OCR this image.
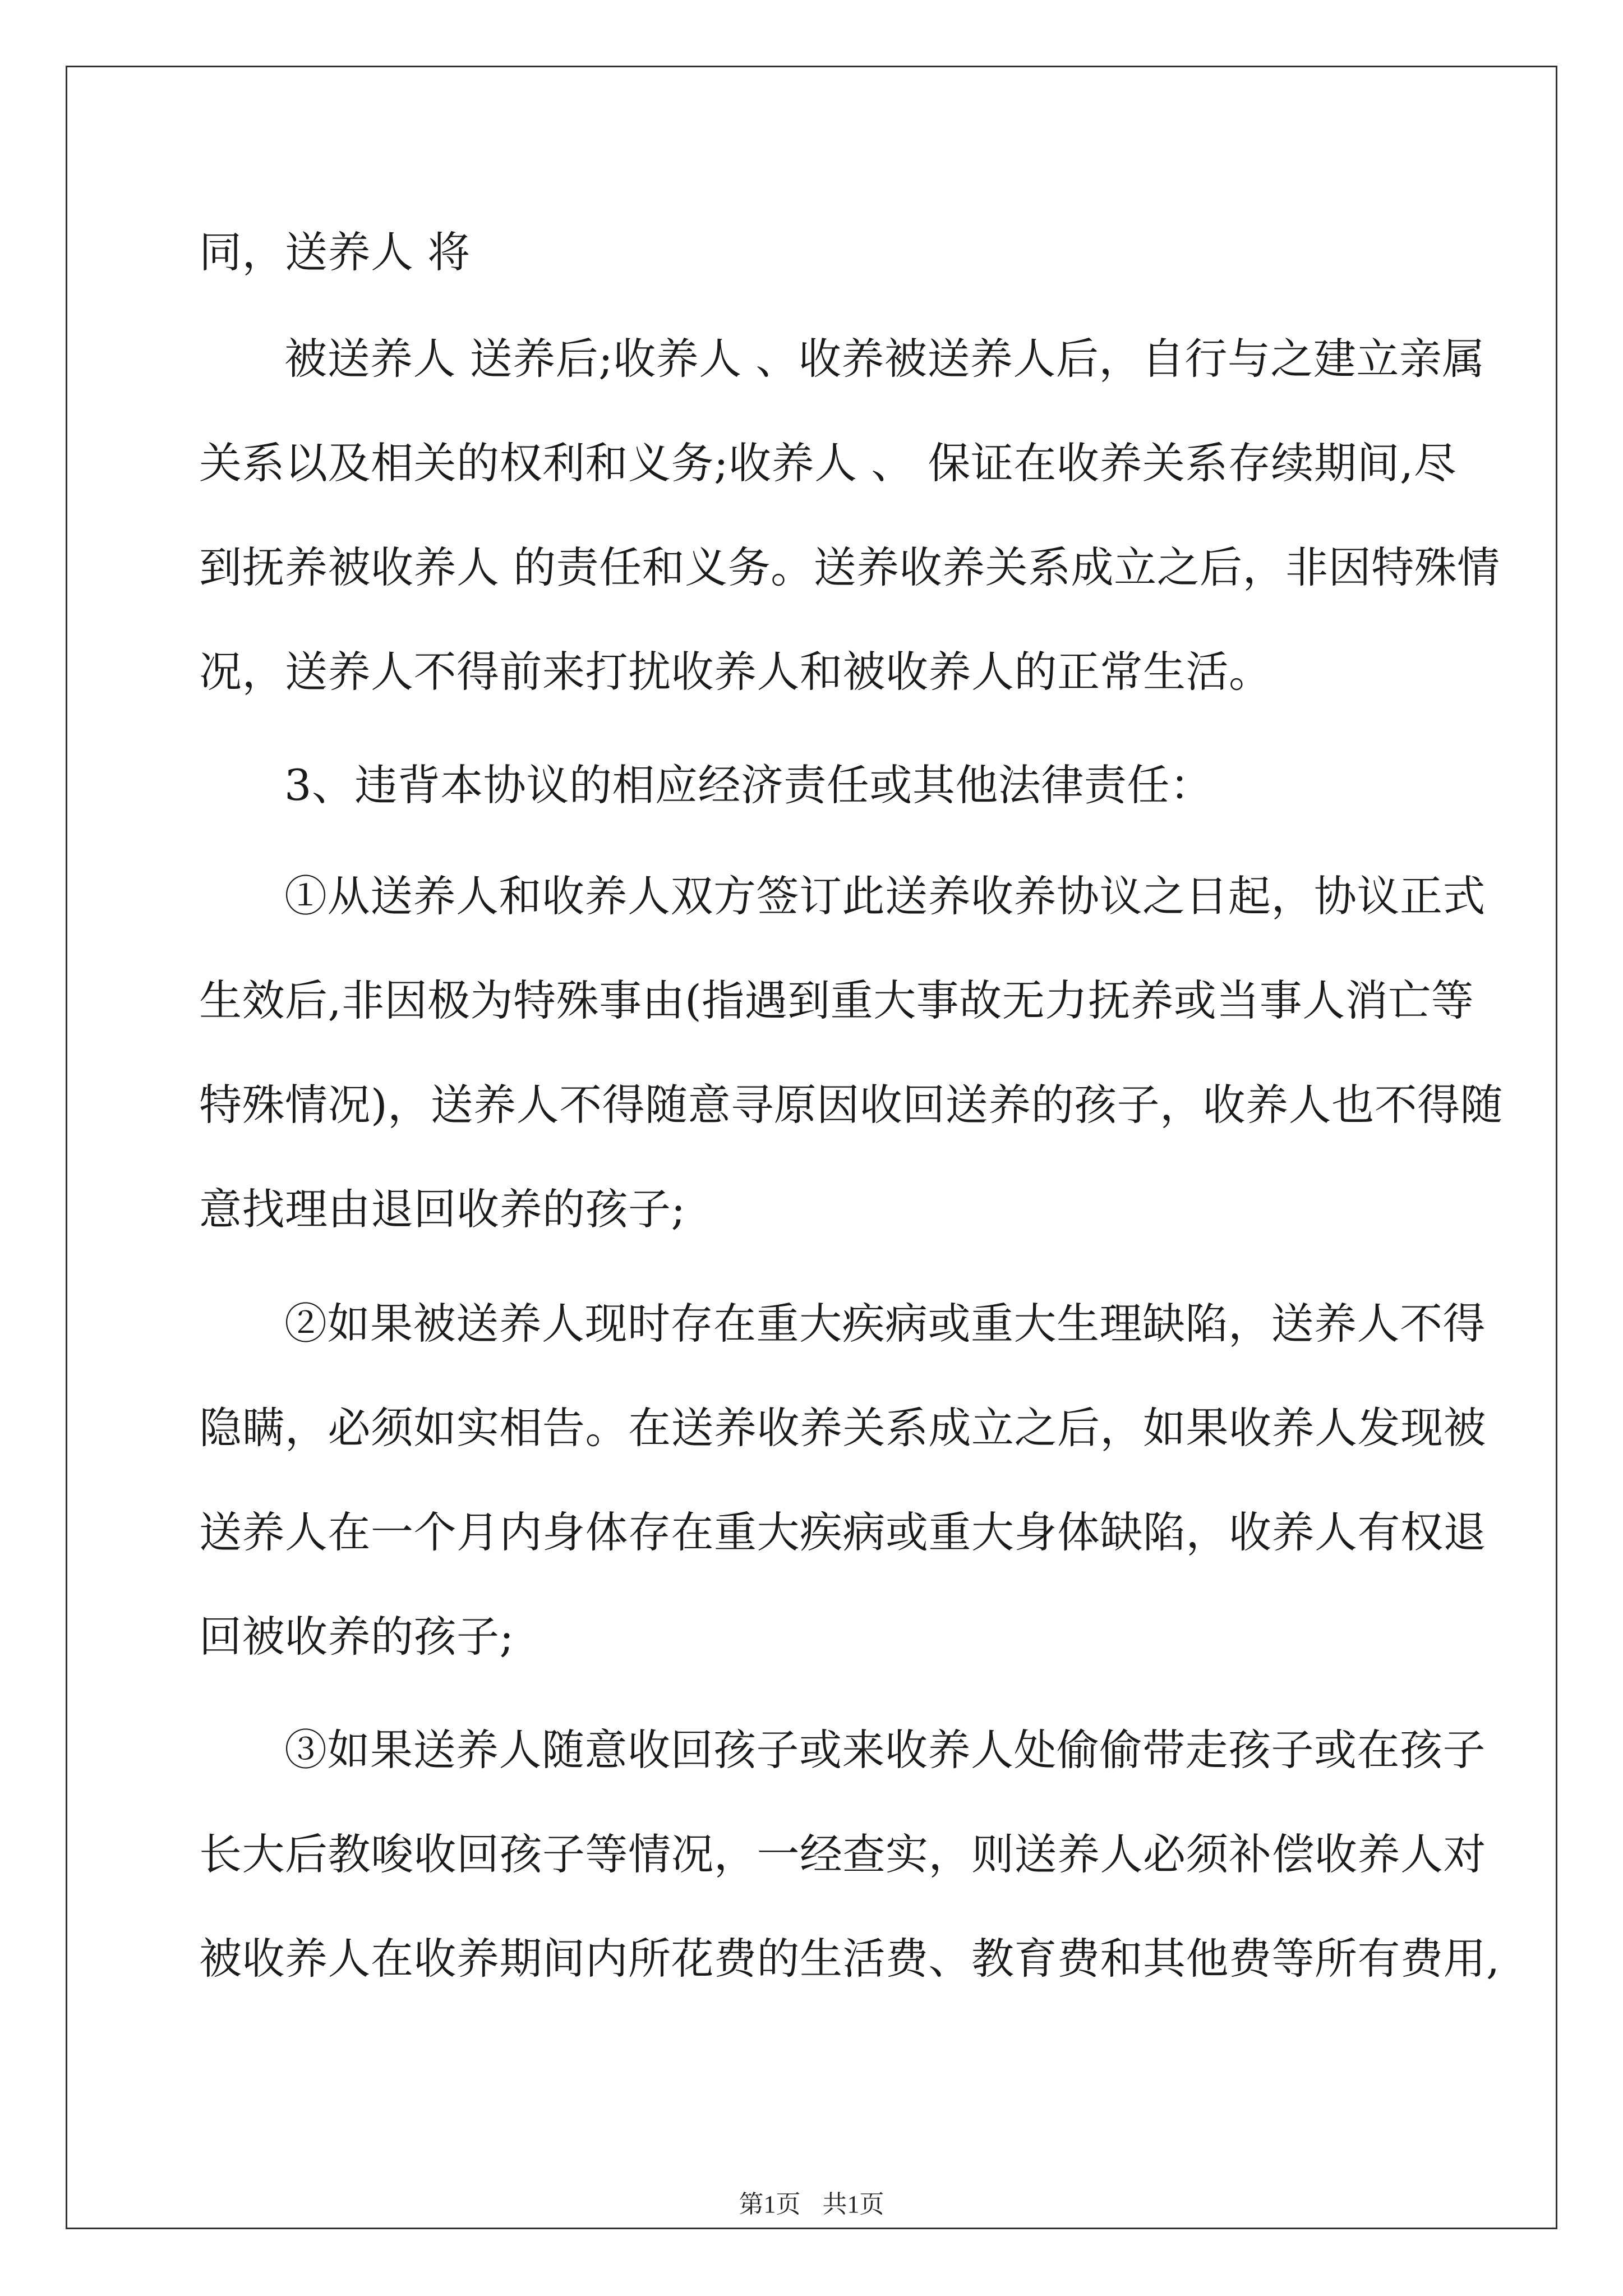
同，送养人 将
被送养人 送养后;收养人 、收养被送养人后，自行与之建立亲属
关系以及相关的权利和义务;收养人 、 保证在收养关系存续期间,尽
到抚养被收养人 的责任和义务。送养收养关系成立之后，非因特殊情
况，送养人不得前来打扰收养人和被收养人的正常生活。
3、违背本协议的相应经济责任或其他法律责任：
①从送养人和收养人双方签订此送养收养协议之日起，协议正式
生效后,非因极为特殊事由(指遇到重大事故无力抚养或当事人消亡等
特殊情况)，送养人不得随意寻原因收回送养的孩子，收养人也不得随
意找理由退回收养的孩子;
②如果被送养人现时存在重大疾病或重大生理缺陷，送养人不得
隐瞒，必须如实相告。在送养收养关系成立之后，如果收养人发现被
送养人在一个月内身体存在重大疾病或重大身体缺陷，收养人有权退
回被收养的孩子;
③如果送养人随意收回孩子或来收养人处偷偷带走孩子或在孩子
长大后教唆收回孩子等情况，一经查实，则送养人必须补偿收养人对
被收养人在收养期间内所花费的生活费、教育费和其他费等所有费用,
第1页 共1页
